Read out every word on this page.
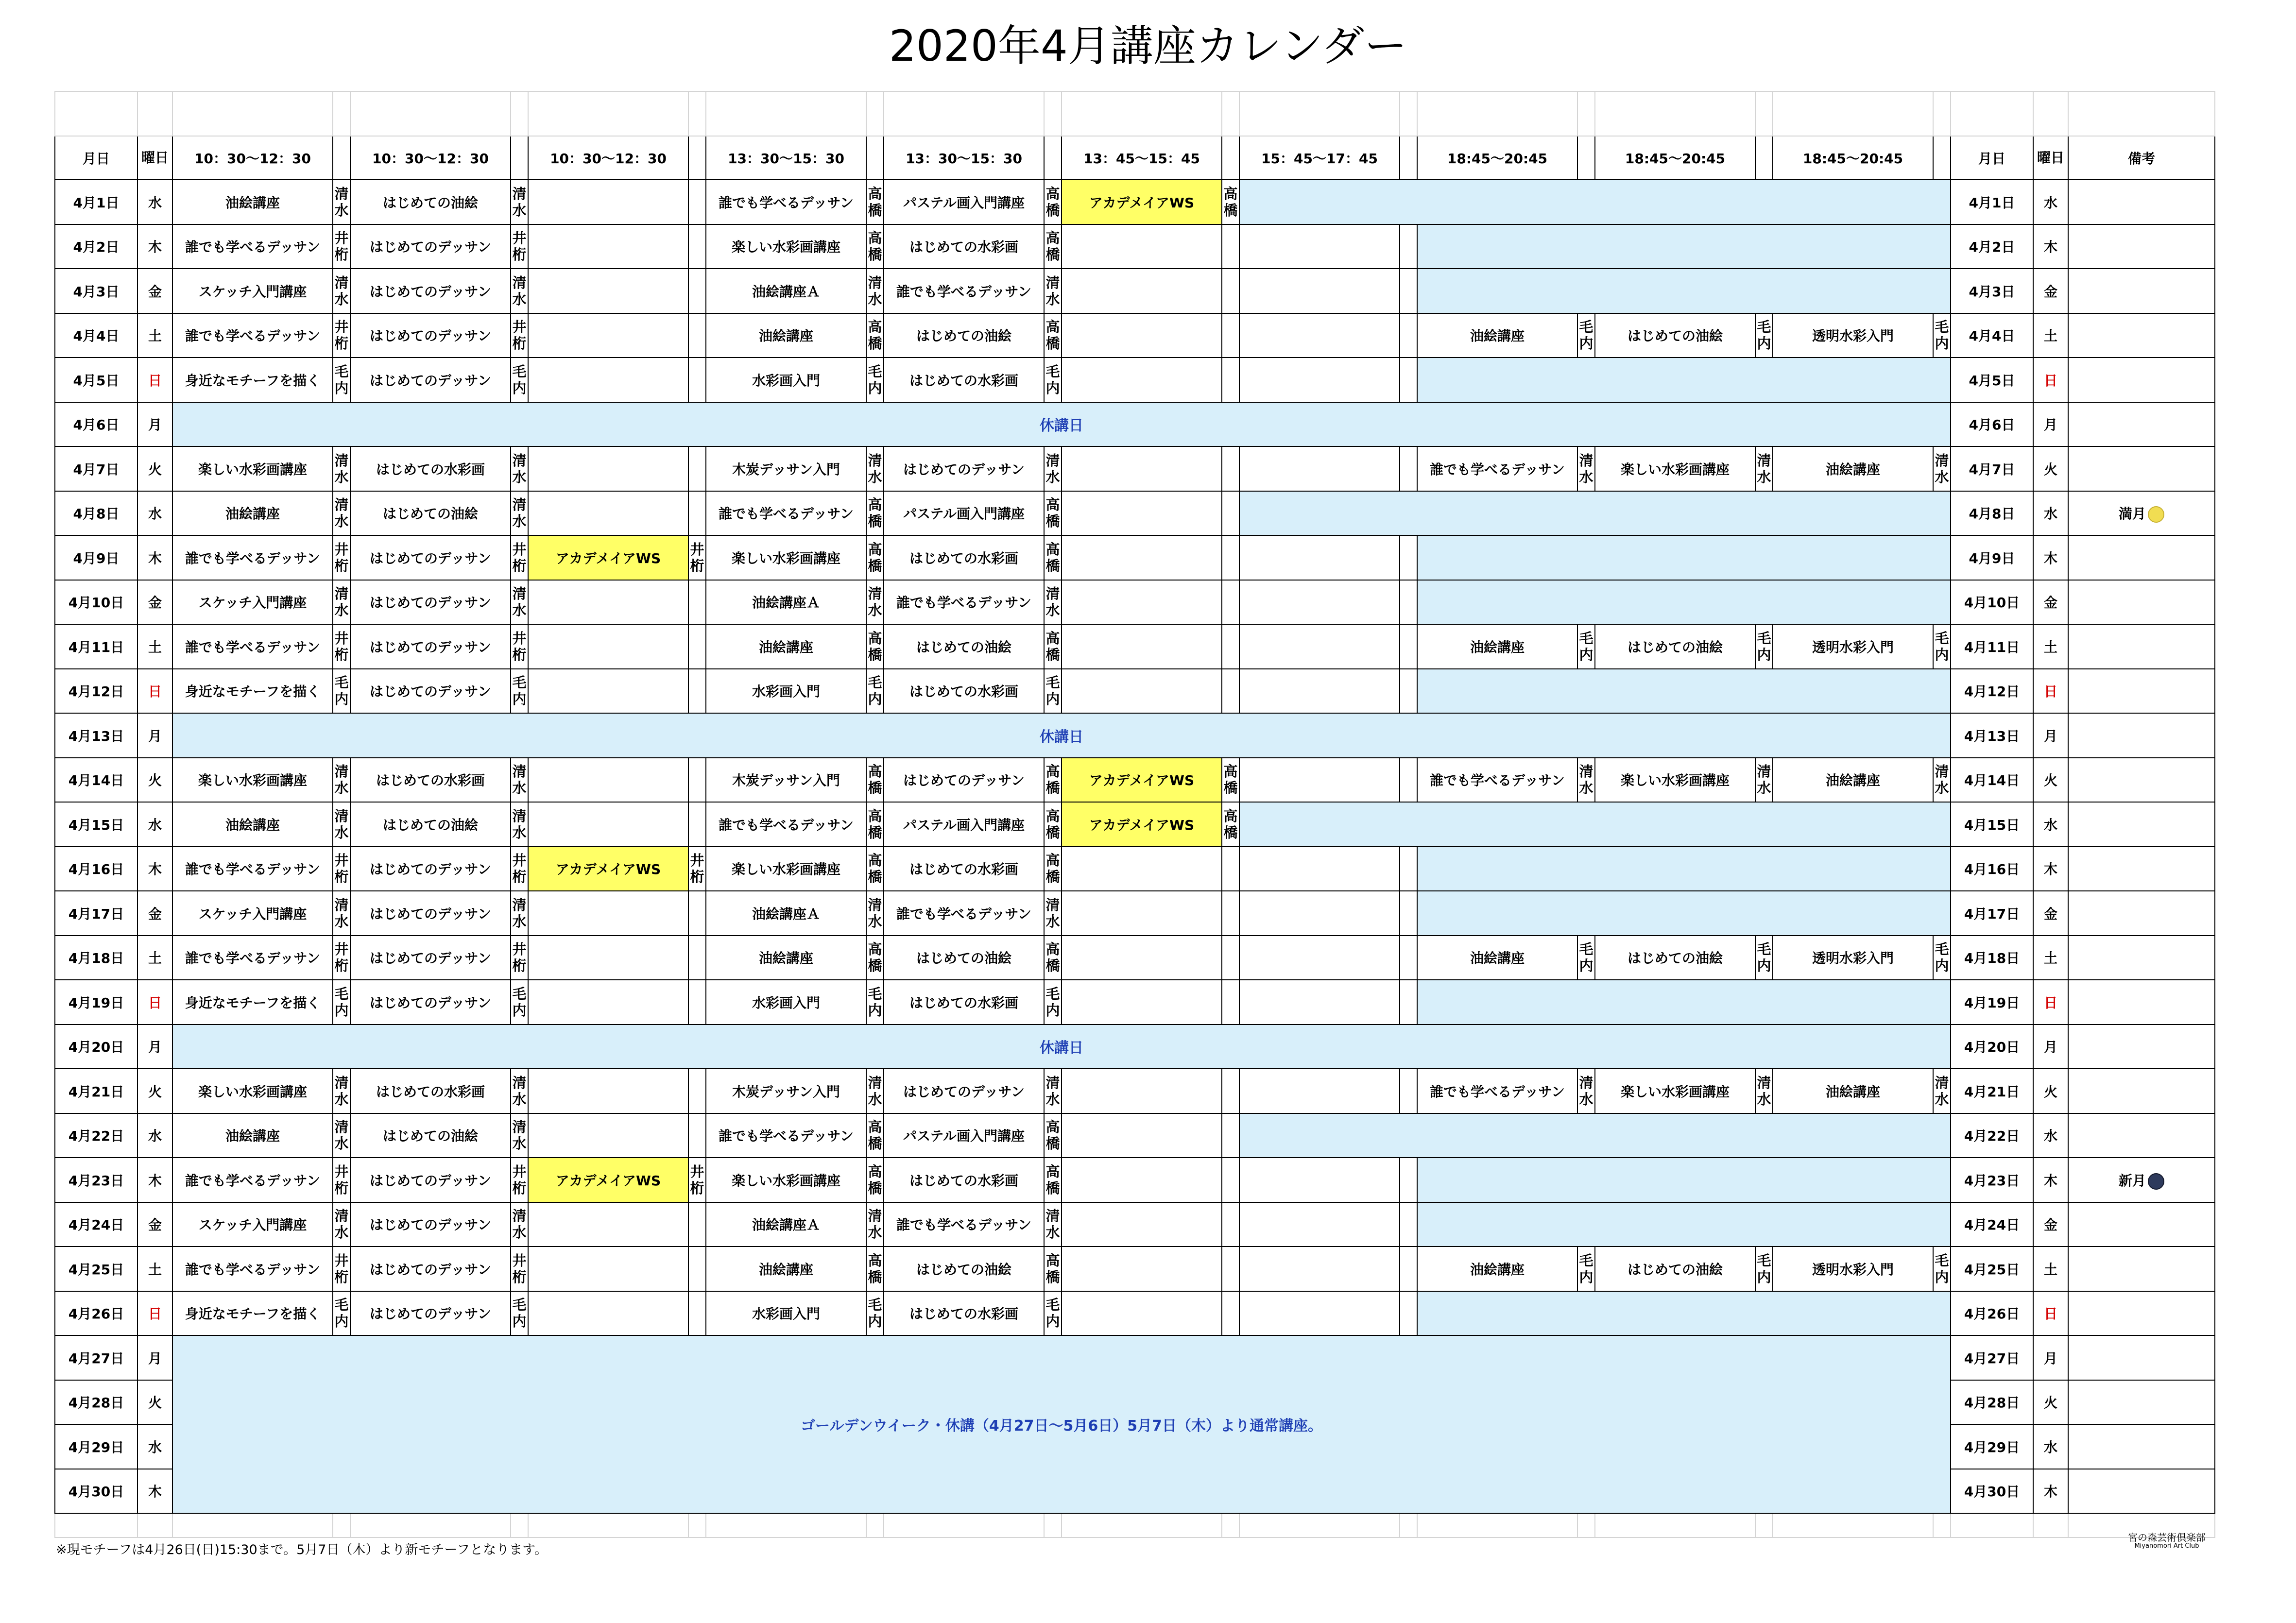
2020年4月講座カレンダー

月日	曜日	10：30〜12：30		10：30〜12：30		10：30〜12：30		13：30〜15：30		13：30〜15：30		13：45〜15：45		15：45〜17：45		18:45〜20:45		18:45〜20:45		18:45〜20:45		月日	曜日	備考
4月1日	水	油絵講座	清水	はじめての油絵	清水			誰でも学べるデッサン	高橋	パステル画入門講座	高橋	アカデメイアWS	高橋									4月1日	水	
4月2日	木	誰でも学べるデッサン	井桁	はじめてのデッサン	井桁			楽しい水彩画講座	高橋	はじめての水彩画	高橋											4月2日	木	
4月3日	金	スケッチ入門講座	清水	はじめてのデッサン	清水			油絵講座Ａ	清水	誰でも学べるデッサン	清水											4月3日	金	
4月4日	土	誰でも学べるデッサン	井桁	はじめてのデッサン	井桁			油絵講座	高橋	はじめての油絵	高橋					油絵講座	毛内	はじめての油絵	毛内	透明水彩入門	毛内	4月4日	土	
4月5日	日	身近なモチーフを描く	毛内	はじめてのデッサン	毛内			水彩画入門	毛内	はじめての水彩画	毛内											4月5日	日	
4月6日	月	休講日																				4月6日	月	
4月7日	火	楽しい水彩画講座	清水	はじめての水彩画	清水			木炭デッサン入門	清水	はじめてのデッサン	清水					誰でも学べるデッサン	清水	楽しい水彩画講座	清水	油絵講座	清水	4月7日	火	
4月8日	水	油絵講座	清水	はじめての油絵	清水			誰でも学べるデッサン	高橋	パステル画入門講座	高橋											4月8日	水	満月
4月9日	木	誰でも学べるデッサン	井桁	はじめてのデッサン	井桁	アカデメイアWS	井桁	楽しい水彩画講座	高橋	はじめての水彩画	高橋											4月9日	木	
4月10日	金	スケッチ入門講座	清水	はじめてのデッサン	清水			油絵講座Ａ	清水	誰でも学べるデッサン	清水											4月10日	金	
4月11日	土	誰でも学べるデッサン	井桁	はじめてのデッサン	井桁			油絵講座	高橋	はじめての油絵	高橋					油絵講座	毛内	はじめての油絵	毛内	透明水彩入門	毛内	4月11日	土	
4月12日	日	身近なモチーフを描く	毛内	はじめてのデッサン	毛内			水彩画入門	毛内	はじめての水彩画	毛内											4月12日	日	
4月13日	月	休講日																				4月13日	月	
4月14日	火	楽しい水彩画講座	清水	はじめての水彩画	清水			木炭デッサン入門	高橋	はじめてのデッサン	高橋	アカデメイアWS	高橋			誰でも学べるデッサン	清水	楽しい水彩画講座	清水	油絵講座	清水	4月14日	火	
4月15日	水	油絵講座	清水	はじめての油絵	清水			誰でも学べるデッサン	高橋	パステル画入門講座	高橋	アカデメイアWS	高橋									4月15日	水	
4月16日	木	誰でも学べるデッサン	井桁	はじめてのデッサン	井桁	アカデメイアWS	井桁	楽しい水彩画講座	高橋	はじめての水彩画	高橋											4月16日	木	
4月17日	金	スケッチ入門講座	清水	はじめてのデッサン	清水			油絵講座Ａ	清水	誰でも学べるデッサン	清水											4月17日	金	
4月18日	土	誰でも学べるデッサン	井桁	はじめてのデッサン	井桁			油絵講座	高橋	はじめての油絵	高橋					油絵講座	毛内	はじめての油絵	毛内	透明水彩入門	毛内	4月18日	土	
4月19日	日	身近なモチーフを描く	毛内	はじめてのデッサン	毛内			水彩画入門	毛内	はじめての水彩画	毛内											4月19日	日	
4月20日	月	休講日																				4月20日	月	
4月21日	火	楽しい水彩画講座	清水	はじめての水彩画	清水			木炭デッサン入門	清水	はじめてのデッサン	清水					誰でも学べるデッサン	清水	楽しい水彩画講座	清水	油絵講座	清水	4月21日	火	
4月22日	水	油絵講座	清水	はじめての油絵	清水			誰でも学べるデッサン	高橋	パステル画入門講座	高橋											4月22日	水	
4月23日	木	誰でも学べるデッサン	井桁	はじめてのデッサン	井桁	アカデメイアWS	井桁	楽しい水彩画講座	高橋	はじめての水彩画	高橋											4月23日	木	新月
4月24日	金	スケッチ入門講座	清水	はじめてのデッサン	清水			油絵講座Ａ	清水	誰でも学べるデッサン	清水											4月24日	金	
4月25日	土	誰でも学べるデッサン	井桁	はじめてのデッサン	井桁			油絵講座	高橋	はじめての油絵	高橋					油絵講座	毛内	はじめての油絵	毛内	透明水彩入門	毛内	4月25日	土	
4月26日	日	身近なモチーフを描く	毛内	はじめてのデッサン	毛内			水彩画入門	毛内	はじめての水彩画	毛内											4月26日	日	
4月27日	月	ゴールデンウイーク・休講（4月27日〜5月6日）5月7日（木）より通常講座。																				4月27日	月	
4月28日	火																					4月28日	火	
4月29日	水																					4月29日	水	
4月30日	木																					4月30日	木	

※現モチーフは4月26日(日)15:30まで。5月7日（木）より新モチーフとなります。
宮の森芸術倶楽部
Miyanomori Art Club
